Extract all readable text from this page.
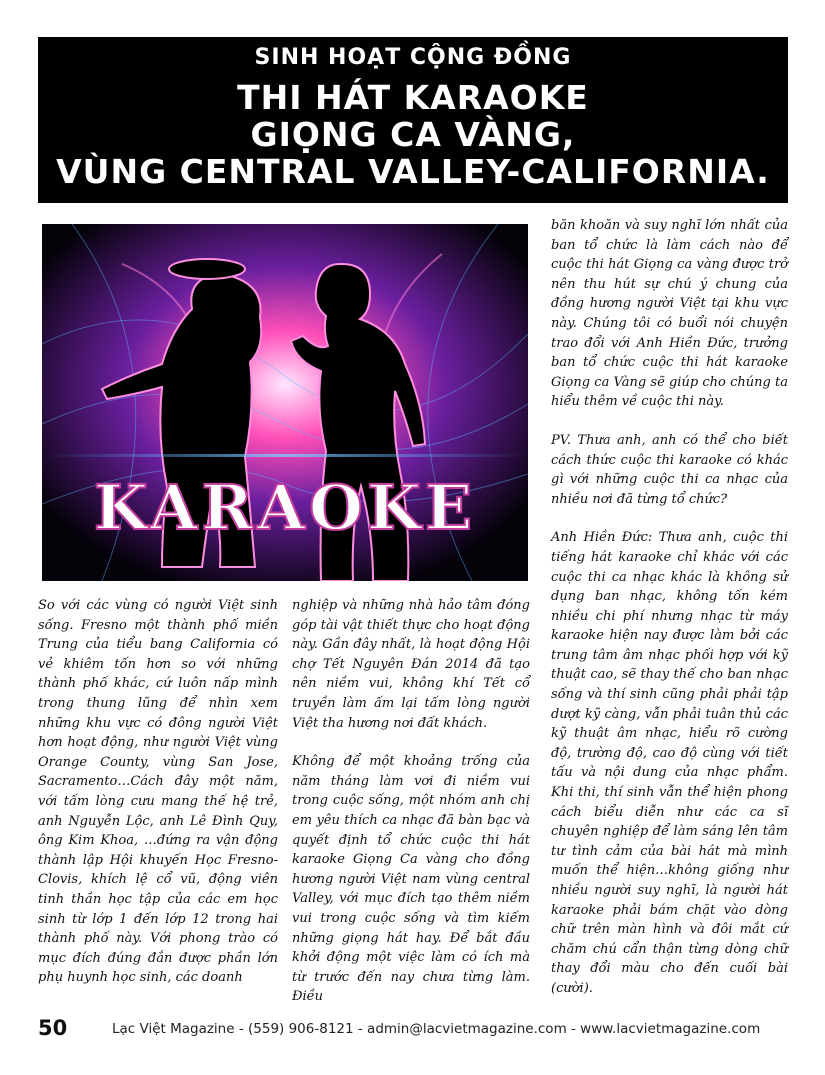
SINH HOẠT CỘNG ĐỒNG
THI HÁT KARAOKE
GIỌNG CA VÀNG,
VÙNG CENTRAL VALLEY-CALIFORNIA.
KARAOKE

So với các vùng có người Việt sinh sống. Fresno một thành phố miền Trung của tiểu bang California có vẻ khiêm tốn hơn so với những thành phố khác, cứ luôn nấp mình trong thung lũng để nhìn xem những khu vực có đông người Việt hơn hoạt động, như người Việt vùng Orange County, vùng San Jose, Sacramento…Cách đây một năm, với tấm lòng cưu mang thế hệ trẻ, anh Nguyễn Lộc, anh Lê Đình Quy, ông Kim Khoa, …đứng ra vận động thành lập Hội khuyến Học Fresno-Clovis, khích lệ cổ vũ, động viên tinh thần học tập của các em học sinh từ lớp 1 đến lớp 12 trong hai thành phố này. Với phong trào có mục đích đúng đắn được phần lớn phụ huynh học sinh, các doanh

nghiệp và những nhà hảo tâm đóng góp tài vật thiết thực cho hoạt động này. Gần đây nhất, là hoạt động Hội chợ Tết Nguyên Đán 2014 đã tạo nên niềm vui, không khí Tết cổ truyền làm ấm lại tấm lòng người Việt tha hương nơi đất khách.

Không để một khoảng trống của năm tháng làm vơi đi niềm vui trong cuộc sống, một nhóm anh chị em yêu thích ca nhạc đã bàn bạc và quyết định tổ chức cuộc thi hát karaoke Giọng Ca vàng cho đồng hương người Việt nam vùng central Valley, với mục đích tạo thêm niềm vui trong cuộc sống và tìm kiếm những giọng hát hay. Để bắt đầu khởi động một việc làm có ích mà từ trước đến nay chưa từng làm. Điều

băn khoăn và suy nghĩ lớn nhất của ban tổ chức là làm cách nào để cuộc thi hát Giọng ca vàng được trở nên thu hút sự chú ý chung của đồng hương người Việt tại khu vực này. Chúng tôi có buổi nói chuyện trao đổi với Anh Hiền Đức, trưởng ban tổ chức cuộc thi hát karaoke Giọng ca Vàng sẽ giúp cho chúng ta hiểu thêm về cuộc thi này.

PV. Thưa anh, anh có thể cho biết cách thức cuộc thi karaoke có khác gì với những cuộc thi ca nhạc của nhiều nơi đã từng tổ chức?

Anh Hiền Đức: Thưa anh, cuộc thi tiếng hát karaoke chỉ khác với các cuộc thi ca nhạc khác là không sử dụng ban nhạc, không tốn kém nhiều chi phí nhưng nhạc từ máy karaoke hiện nay được làm bởi các trung tâm âm nhạc phối hợp với kỹ thuật cao, sẽ thay thế cho ban nhạc sống và thí sinh cũng phải phải tập dượt kỹ càng, vẫn phải tuân thủ các kỹ thuật âm nhạc, hiểu rõ cường độ, trường độ, cao độ cùng với tiết tấu và nội dung của nhạc phẩm. Khi thi, thí sinh vẫn thể hiện phong cách biểu diễn như các ca sĩ chuyên nghiệp để làm sáng lên tâm tư tình cảm của bài hát mà mình muốn thể hiện…không giống như nhiều người suy nghĩ, là người hát karaoke phải bám chặt vào dòng chữ trên màn hình và đôi mắt cứ chăm chú cẩn thận từng dòng chữ thay đổi màu cho đến cuối bài (cười).

50	Lạc Việt Magazine - (559) 906-8121 - admin@lacvietmagazine.com - www.lacvietmagazine.com
